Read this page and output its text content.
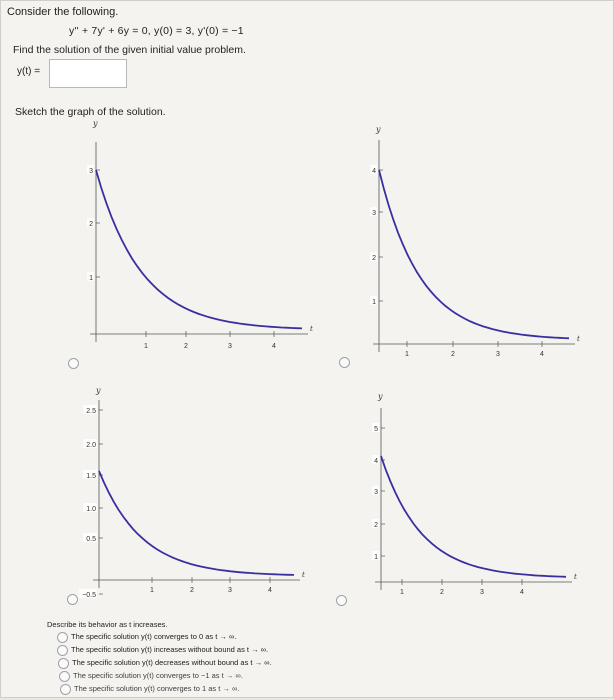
Consider the following.
y'' + 7y' + 6y = 0, y(0) = 3, y'(0) = −1
Find the solution of the given initial value problem.
y(t) =
Sketch the graph of the solution.
y
t
3
2
1
1	2	3	4
y
t
4
3
2
1
1	2	3	4
y
t
2.5
2.0
1.5
1.0
0.5
−0.5
1	2	3	4
y
t
5
4
3
2
1
1	2	3	4
Describe its behavior as t increases.
The specific solution y(t) converges to 0 as t → ∞.
The specific solution y(t) increases without bound as t → ∞.
The specific solution y(t) decreases without bound as t → ∞.
The specific solution y(t) converges to −1 as t → ∞.
The specific solution y(t) converges to 1 as t → ∞.
